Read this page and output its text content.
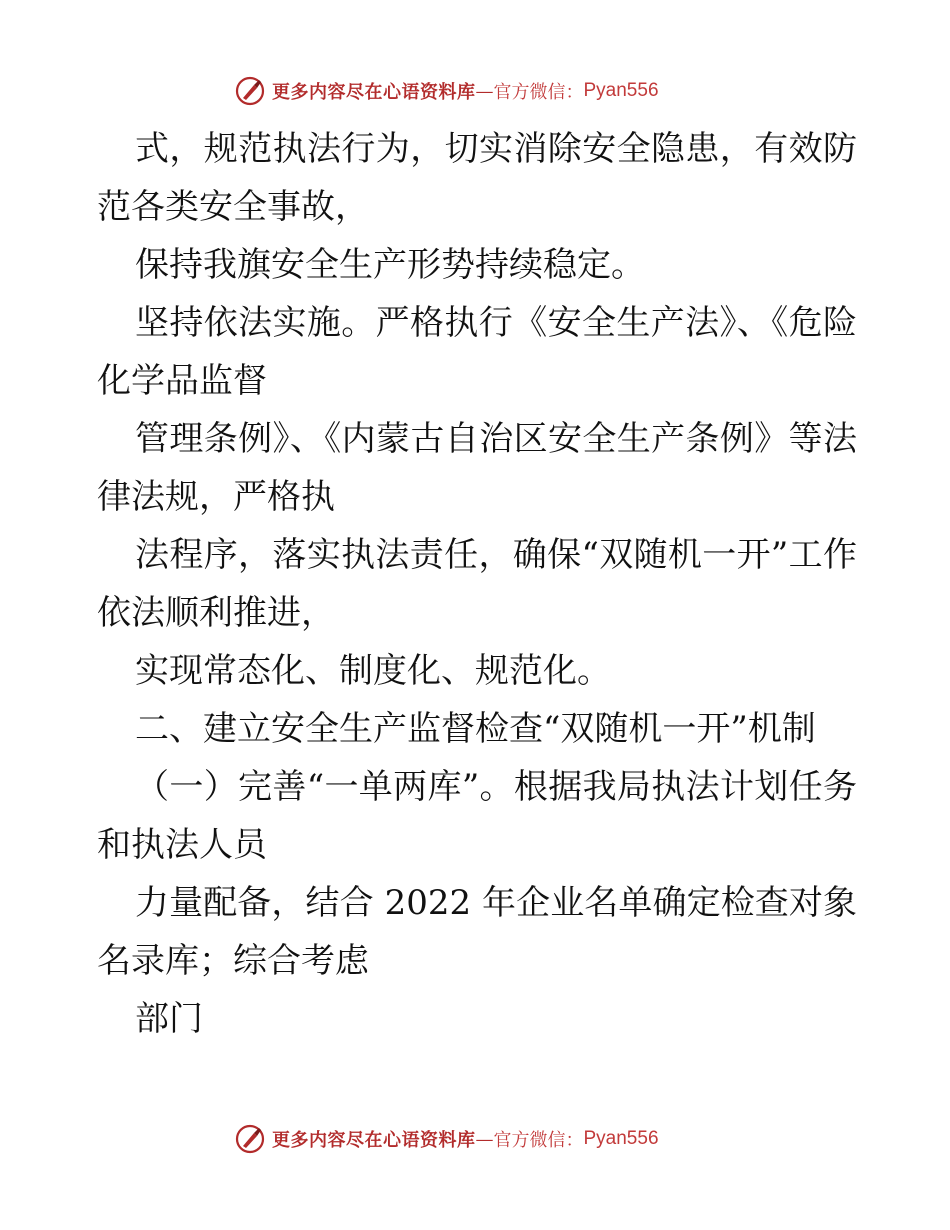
更多内容尽在心语资料库 — 官方微信： Pyan556

式，规范执法行为，切实消除安全隐患，有效防范各类安全事故，

保持我旗安全生产形势持续稳定。

坚持依法实施。严格执行《安全生产法》、《危险化学品监督

管理条例》、《内蒙古自治区安全生产条例》等法律法规，严格执

法程序，落实执法责任，确保“双随机一开”工作依法顺利推进，

实现常态化、制度化、规范化。

二、建立安全生产监督检查“双随机一开”机制

（一）完善“一单两库”。根据我局执法计划任务和执法人员

力量配备，结合 2022 年企业名单确定检查对象名录库；综合考虑

部门

更多内容尽在心语资料库 — 官方微信： Pyan556
